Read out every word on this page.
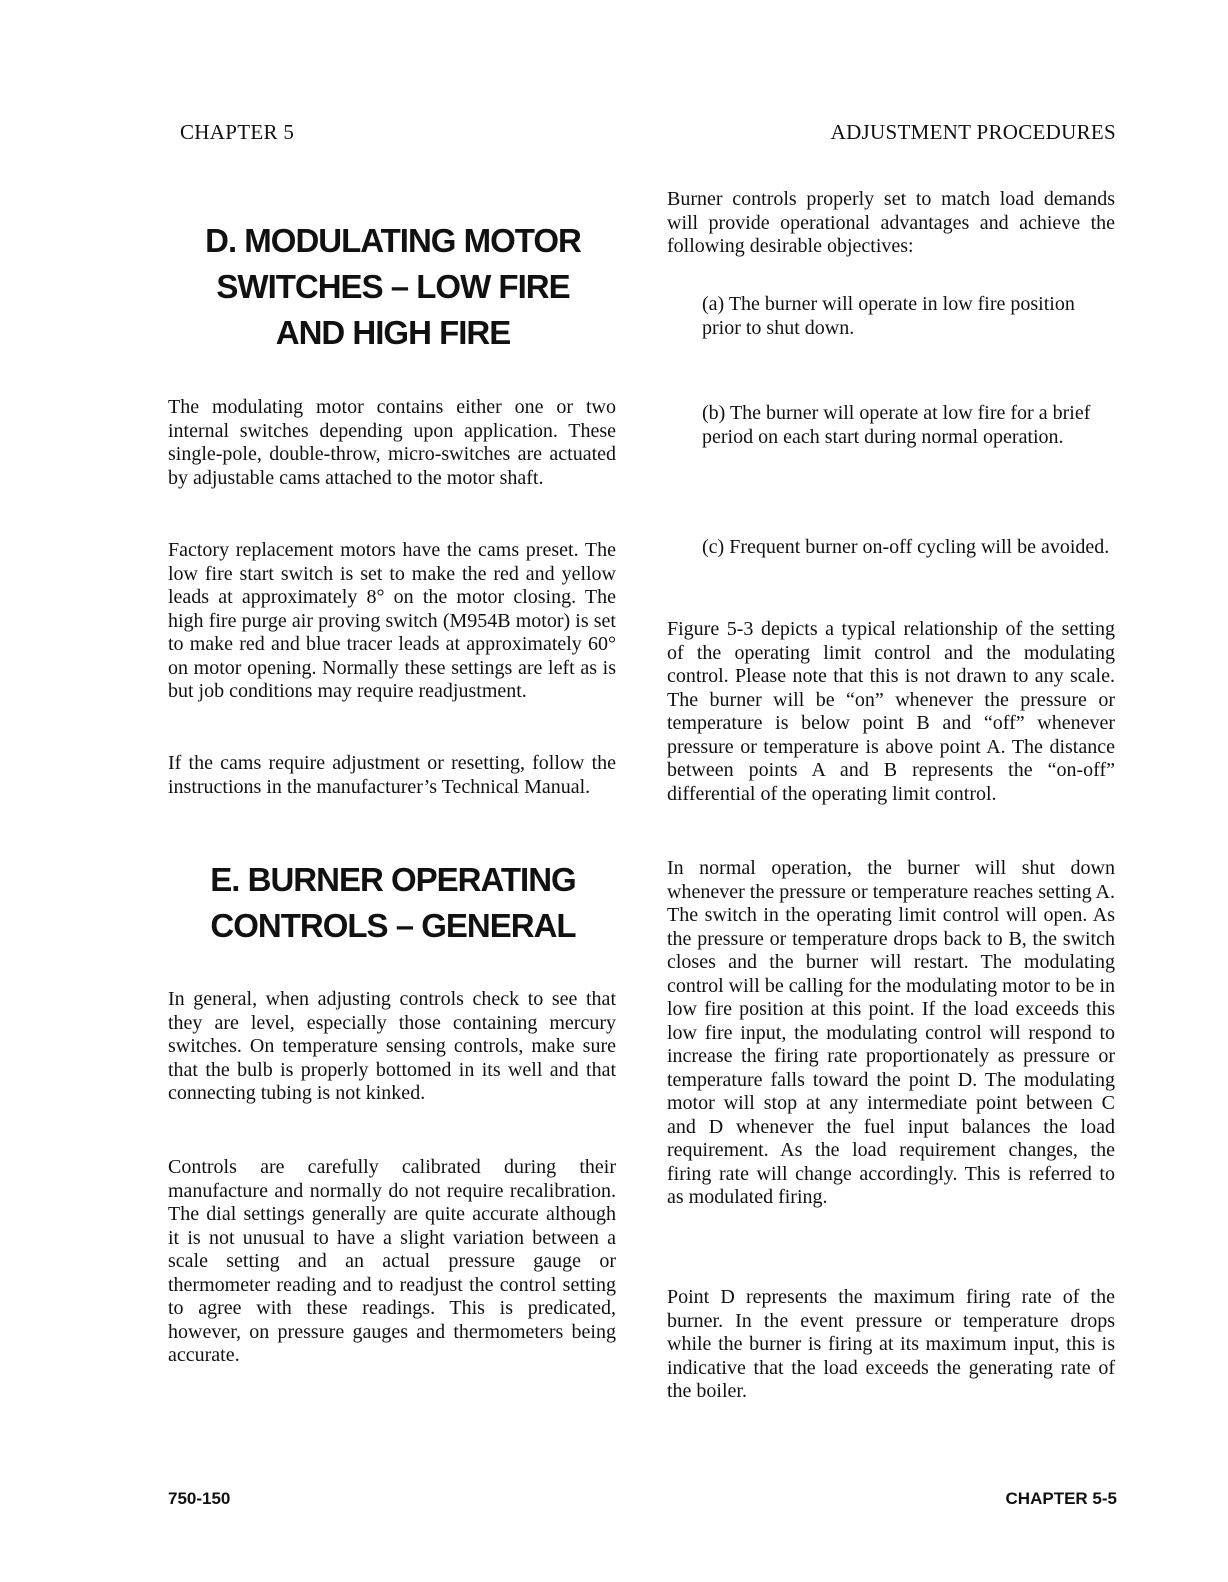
CHAPTER 5	ADJUSTMENT PROCEDURES
D. MODULATING MOTOR
SWITCHES – LOW FIRE
AND HIGH FIRE

The modulating motor contains either one or two internal switches depending upon application. These single-pole, double-throw, micro-switches are actuated by adjustable cams attached to the motor shaft.

Factory replacement motors have the cams preset. The low fire start switch is set to make the red and yellow leads at approximately 8° on the motor closing. The high fire purge air proving switch (M954B motor) is set to make red and blue tracer leads at approximately 60° on motor opening. Normally these settings are left as is but job conditions may require readjustment.

If the cams require adjustment or resetting, follow the instructions in the manufacturer’s Technical Manual.

E. BURNER OPERATING
CONTROLS – GENERAL

In general, when adjusting controls check to see that they are level, especially those containing mercury switches. On temperature sensing controls, make sure that the bulb is properly bottomed in its well and that connecting tubing is not kinked.

Controls are carefully calibrated during their manufacture and normally do not require recalibration. The dial settings generally are quite accurate although it is not unusual to have a slight variation between a scale setting and an actual pressure gauge or thermometer reading and to readjust the control setting to agree with these readings. This is predicated, however, on pressure gauges and thermometers being accurate.

Burner controls properly set to match load demands will provide operational advantages and achieve the following desirable objectives:

(a) The burner will operate in low fire position prior to shut down.

(b) The burner will operate at low fire for a brief period on each start during normal operation.

(c) Frequent burner on-off cycling will be avoided.

Figure 5-3 depicts a typical relationship of the setting of the operating limit control and the modulating control. Please note that this is not drawn to any scale. The burner will be “on” whenever the pressure or temperature is below point B and “off” whenever pressure or temperature is above point A. The distance between points A and B represents the “on-off” differential of the operating limit control.

In normal operation, the burner will shut down whenever the pressure or temperature reaches setting A. The switch in the operating limit control will open. As the pressure or temperature drops back to B, the switch closes and the burner will restart. The modulating control will be calling for the modulating motor to be in low fire position at this point. If the load exceeds this low fire input, the modulating control will respond to increase the firing rate proportionately as pressure or temperature falls toward the point D. The modulating motor will stop at any intermediate point between C and D whenever the fuel input balances the load requirement. As the load requirement changes, the firing rate will change accordingly. This is referred to as modulated firing.

Point D represents the maximum firing rate of the burner. In the event pressure or temperature drops while the burner is firing at its maximum input, this is indicative that the load exceeds the generating rate of the boiler.

750-150	CHAPTER 5-5
